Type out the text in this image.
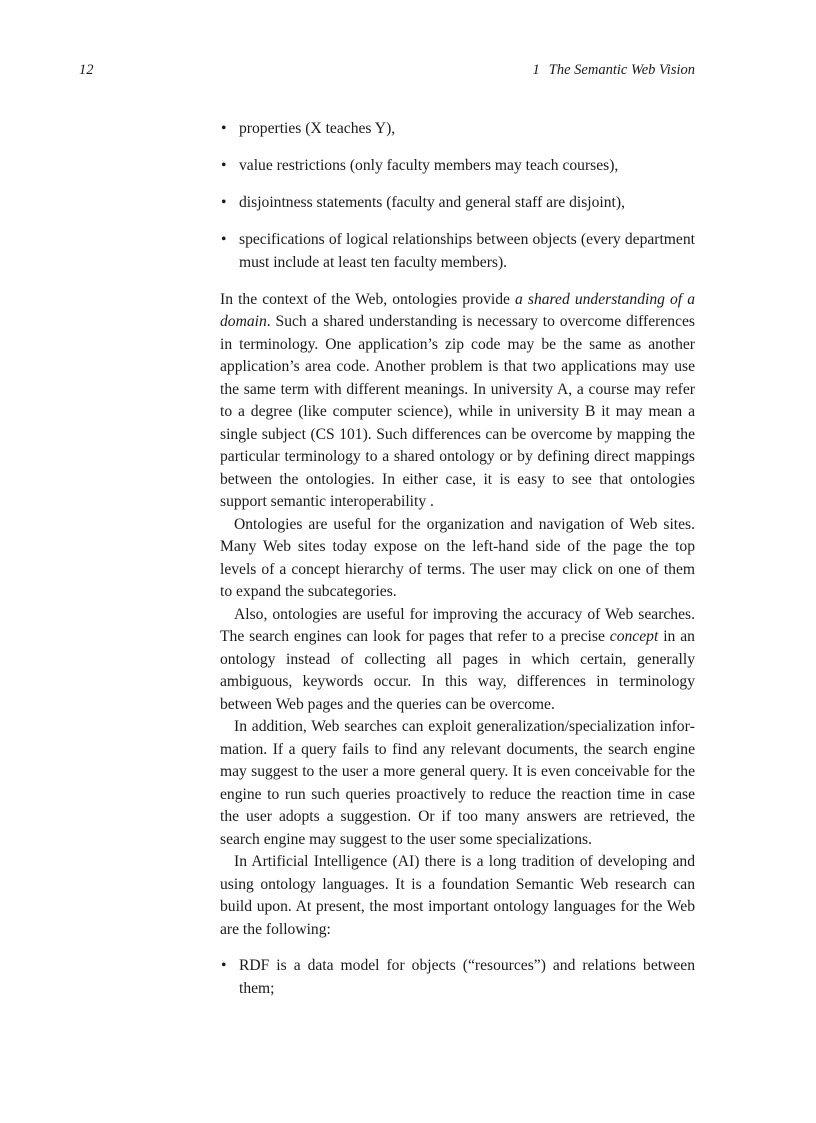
12	1 The Semantic Web Vision
• properties (X teaches Y),
• value restrictions (only faculty members may teach courses),
• disjointness statements (faculty and general staff are disjoint),
• specifications of logical relationships between objects (every department must include at least ten faculty members).

In the context of the Web, ontologies provide a shared understanding of a domain. Such a shared understanding is necessary to overcome differences in terminology. One application’s zip code may be the same as another application’s area code. Another problem is that two applications may use the same term with different meanings. In university A, a course may refer to a degree (like computer science), while in university B it may mean a single subject (CS 101). Such differences can be overcome by mapping the particular terminology to a shared ontology or by defining direct mappings between the ontologies. In either case, it is easy to see that ontologies support semantic interoperability .

Ontologies are useful for the organization and navigation of Web sites. Many Web sites today expose on the left-hand side of the page the top levels of a concept hierarchy of terms. The user may click on one of them to expand the subcategories.

Also, ontologies are useful for improving the accuracy of Web searches. The search engines can look for pages that refer to a precise concept in an ontology instead of collecting all pages in which certain, generally ambiguous, keywords occur. In this way, differences in terminology between Web pages and the queries can be overcome.

In addition, Web searches can exploit generalization/specialization information. If a query fails to find any relevant documents, the search engine may suggest to the user a more general query. It is even conceivable for the engine to run such queries proactively to reduce the reaction time in case the user adopts a suggestion. Or if too many answers are retrieved, the search engine may suggest to the user some specializations.

In Artificial Intelligence (AI) there is a long tradition of developing and using ontology languages. It is a foundation Semantic Web research can build upon. At present, the most important ontology languages for the Web are the following:

• RDF is a data model for objects (“resources”) and relations between them;
